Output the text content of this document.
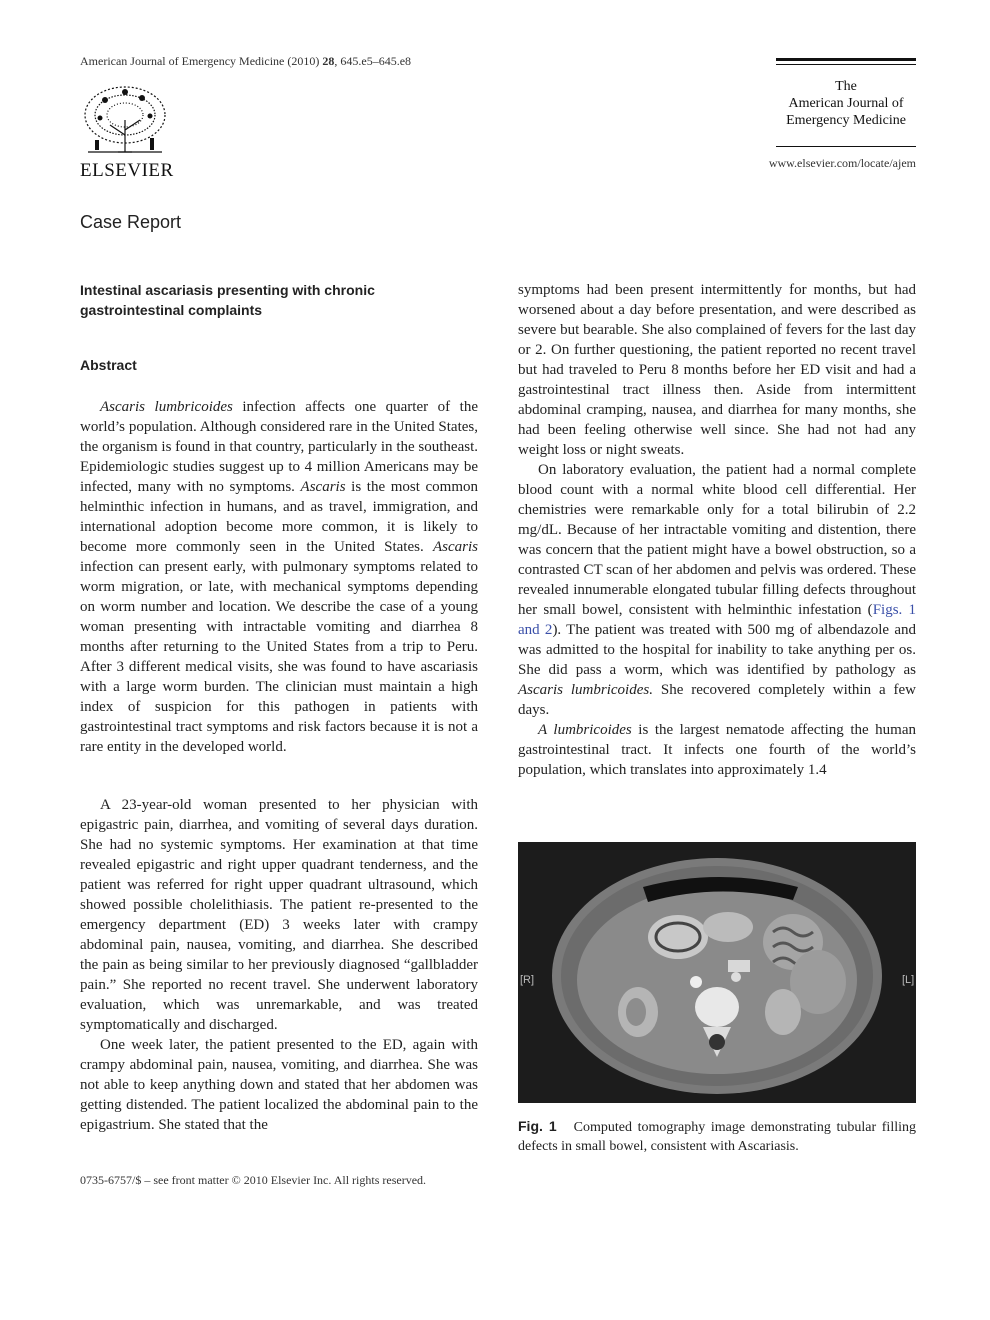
American Journal of Emergency Medicine (2010) 28, 645.e5–645.e8
ELSEVIER
The
American Journal of
Emergency Medicine
www.elsevier.com/locate/ajem
Case Report
Intestinal ascariasis presenting with chronic gastrointestinal complaints
Abstract

Ascaris lumbricoides infection affects one quarter of the world’s population. Although considered rare in the United States, the organism is found in that country, particularly in the southeast. Epidemiologic studies suggest up to 4 million Americans may be infected, many with no symptoms. Ascaris is the most common helminthic infection in humans, and as travel, immigration, and international adoption become more common, it is likely to become more commonly seen in the United States. Ascaris infection can present early, with pulmonary symptoms related to worm migration, or late, with mechanical symptoms depending on worm number and location. We describe the case of a young woman presenting with intractable vomiting and diarrhea 8 months after returning to the United States from a trip to Peru. After 3 different medical visits, she was found to have ascariasis with a large worm burden. The clinician must maintain a high index of suspicion for this pathogen in patients with gastrointestinal tract symptoms and risk factors because it is not a rare entity in the developed world.

A 23-year-old woman presented to her physician with epigastric pain, diarrhea, and vomiting of several days duration. She had no systemic symptoms. Her examination at that time revealed epigastric and right upper quadrant tenderness, and the patient was referred for right upper quadrant ultrasound, which showed possible cholelithiasis. The patient re-presented to the emergency department (ED) 3 weeks later with crampy abdominal pain, nausea, vomiting, and diarrhea. She described the pain as being similar to her previously diagnosed “gallbladder pain.” She reported no recent travel. She underwent laboratory evaluation, which was unremarkable, and was treated symptomatically and discharged.

One week later, the patient presented to the ED, again with crampy abdominal pain, nausea, vomiting, and diarrhea. She was not able to keep anything down and stated that her abdomen was getting distended. The patient localized the abdominal pain to the epigastrium. She stated that the

symptoms had been present intermittently for months, but had worsened about a day before presentation, and were described as severe but bearable. She also complained of fevers for the last day or 2. On further questioning, the patient reported no recent travel but had traveled to Peru 8 months before her ED visit and had a gastrointestinal tract illness then. Aside from intermittent abdominal cramping, nausea, and diarrhea for many months, she had been feeling otherwise well since. She had not had any weight loss or night sweats.

On laboratory evaluation, the patient had a normal complete blood count with a normal white blood cell differential. Her chemistries were remarkable only for a total bilirubin of 2.2 mg/dL. Because of her intractable vomiting and distention, there was concern that the patient might have a bowel obstruction, so a contrasted CT scan of her abdomen and pelvis was ordered. These revealed innumerable elongated tubular filling defects throughout her small bowel, consistent with helminthic infestation (Figs. 1 and 2). The patient was treated with 500 mg of albendazole and was admitted to the hospital for inability to take anything per os. She did pass a worm, which was identified by pathology as Ascaris lumbricoides. She recovered completely within a few days.

A lumbricoides is the largest nematode affecting the human gastrointestinal tract. It infects one fourth of the world’s population, which translates into approximately 1.4

[R]	[L]
Fig. 1 Computed tomography image demonstrating tubular filling defects in small bowel, consistent with Ascariasis.
0735-6757/$ – see front matter © 2010 Elsevier Inc. All rights reserved.
